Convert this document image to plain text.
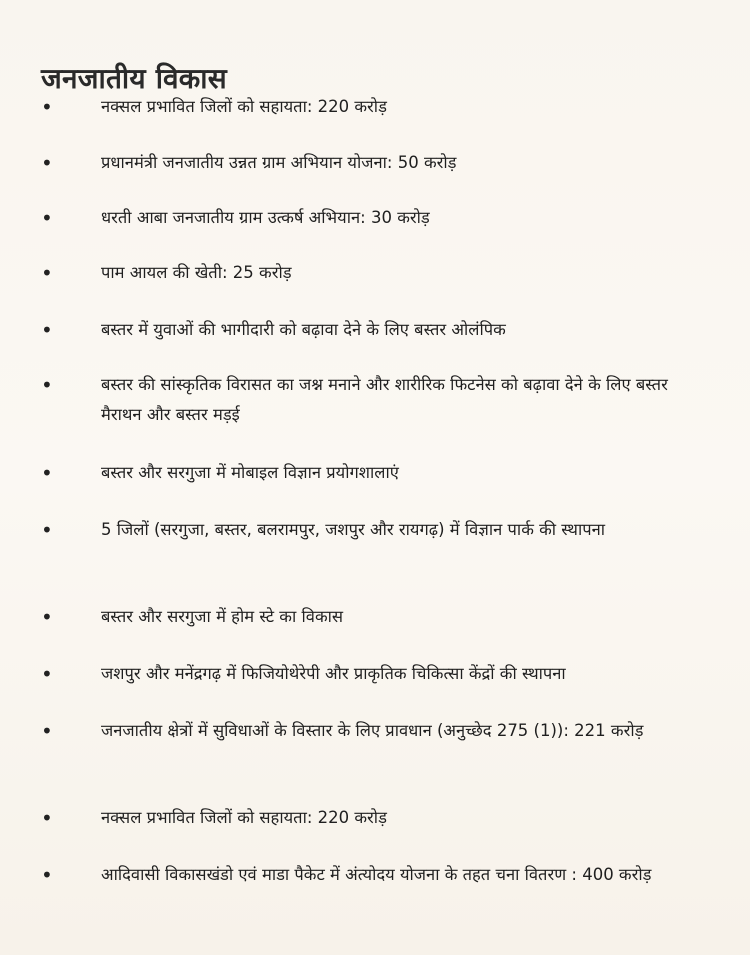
जनजातीय विकास
•	नक्सल प्रभावित जिलों को सहायता: 220 करोड़
•	प्रधानमंत्री जनजातीय उन्नत ग्राम अभियान योजना: 50 करोड़
•	धरती आबा जनजातीय ग्राम उत्कर्ष अभियान: 30 करोड़
•	पाम आयल की खेती: 25 करोड़
•	बस्तर में युवाओं की भागीदारी को बढ़ावा देने के लिए बस्तर ओलंपिक
•	बस्तर की सांस्कृतिक विरासत का जश्न मनाने और शारीरिक फिटनेस को बढ़ावा देने के लिए बस्तर मैराथन और बस्तर मड़ई
•	बस्तर और सरगुजा में मोबाइल विज्ञान प्रयोगशालाएं
•	5 जिलों (सरगुजा, बस्तर, बलरामपुर, जशपुर और रायगढ़) में विज्ञान पार्क की स्थापना
•	बस्तर और सरगुजा में होम स्टे का विकास
•	जशपुर और मनेंद्रगढ़ में फिजियोथेरेपी और प्राकृतिक चिकित्सा केंद्रों की स्थापना
•	जनजातीय क्षेत्रों में सुविधाओं के विस्तार के लिए प्रावधान (अनुच्छेद 275 (1)): 221 करोड़
•	नक्सल प्रभावित जिलों को सहायता: 220 करोड़
•	आदिवासी विकासखंडो एवं माडा पैकेट में अंत्योदय योजना के तहत चना वितरण : 400 करोड़
